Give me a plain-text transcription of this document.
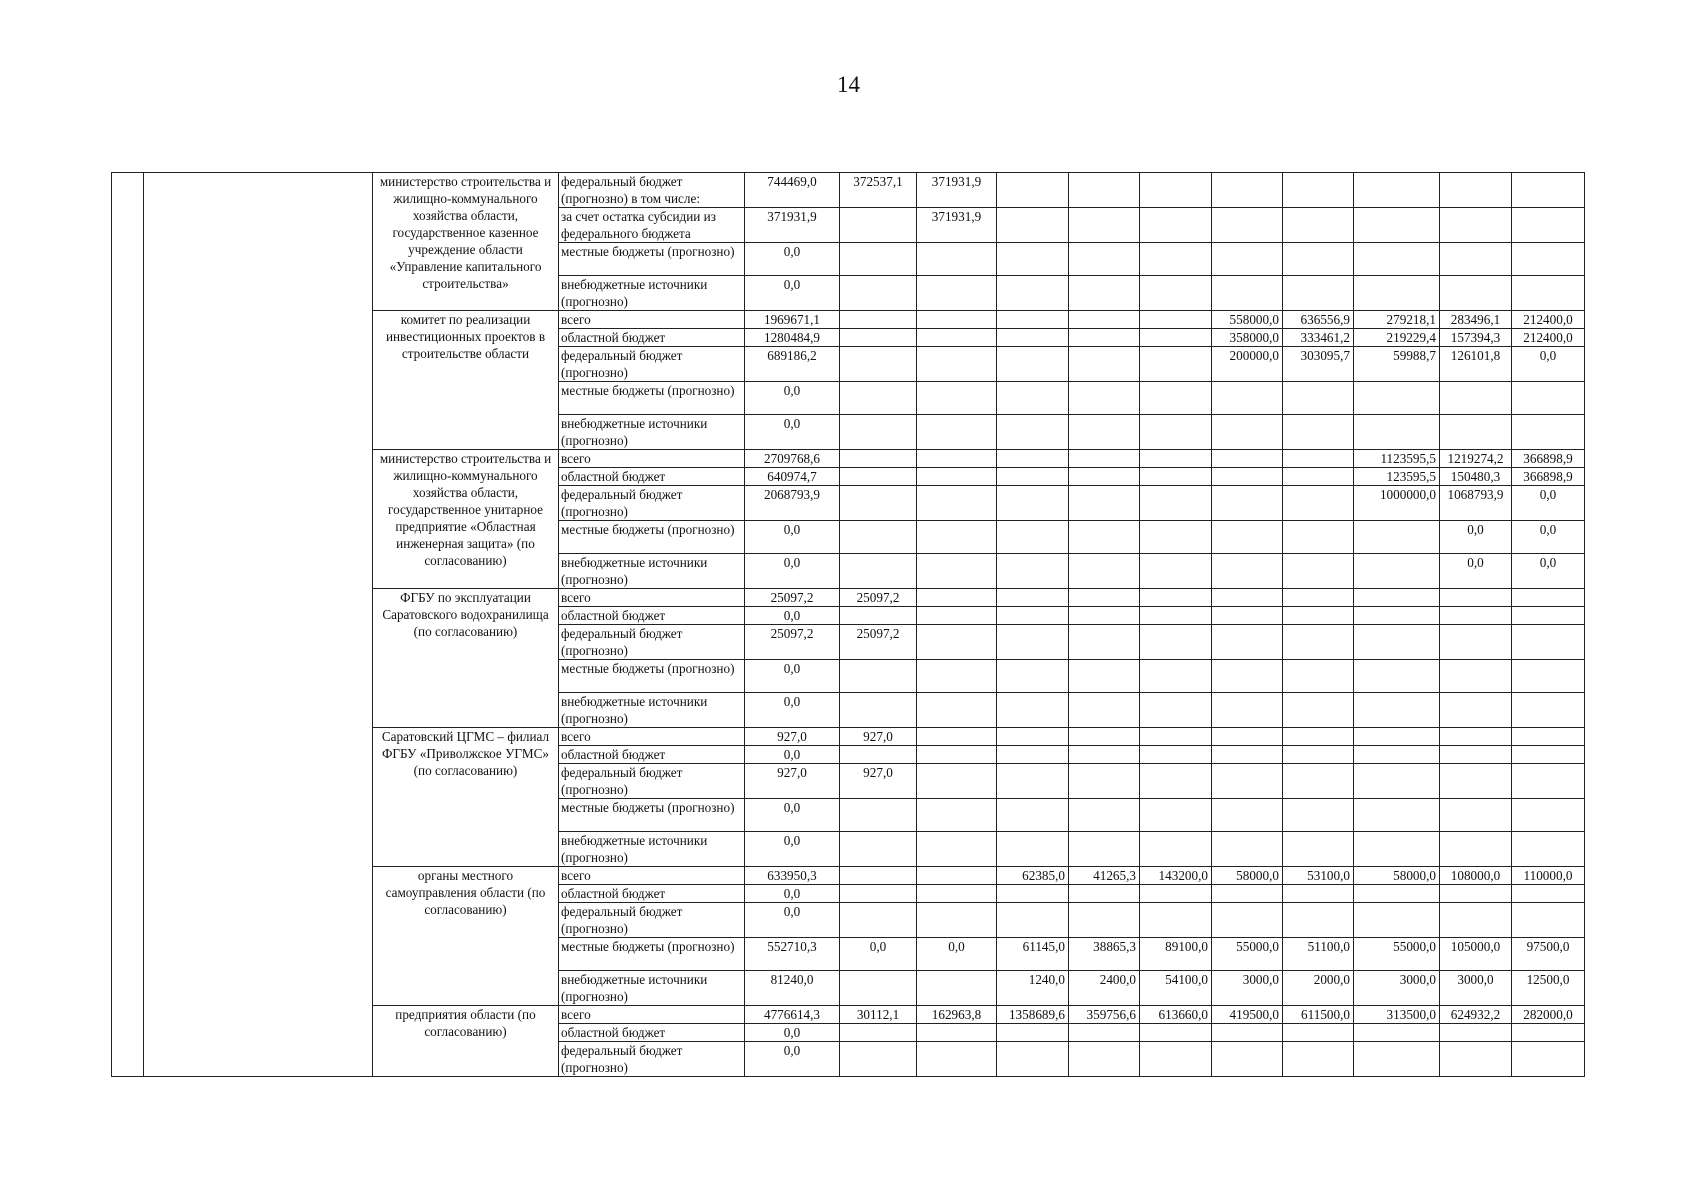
14
		министерство строительства и жилищно-коммунального хозяйства области, государственное казенное учреждение области «Управление капитального строительства»	федеральный бюджет (прогнозно) в том числе:	744469,0	372537,1	371931,9								
			за счет остатка субсидии из федерального бюджета	371931,9		371931,9								
			местные бюджеты (прогнозно)	0,0										
			внебюджетные источники (прогнозно)	0,0										
		комитет по реализации инвестиционных проектов в строительстве области	всего	1969671,1						558000,0	636556,9	279218,1	283496,1	212400,0
			областной бюджет	1280484,9						358000,0	333461,2	219229,4	157394,3	212400,0
			федеральный бюджет (прогнозно)	689186,2						200000,0	303095,7	59988,7	126101,8	0,0
			местные бюджеты (прогнозно)	0,0										
			внебюджетные источники (прогнозно)	0,0										
		министерство строительства и жилищно-коммунального хозяйства области, государственное унитарное предприятие «Областная инженерная защита» (по согласованию)	всего	2709768,6								1123595,5	1219274,2	366898,9
			областной бюджет	640974,7								123595,5	150480,3	366898,9
			федеральный бюджет (прогнозно)	2068793,9								1000000,0	1068793,9	0,0
			местные бюджеты (прогнозно)	0,0									0,0	0,0
			внебюджетные источники (прогнозно)	0,0									0,0	0,0
		ФГБУ по эксплуатации Саратовского водохранилища (по согласованию)	всего	25097,2	25097,2									
			областной бюджет	0,0										
			федеральный бюджет (прогнозно)	25097,2	25097,2									
			местные бюджеты (прогнозно)	0,0										
			внебюджетные источники (прогнозно)	0,0										
		Саратовский ЦГМС – филиал ФГБУ «Приволжское УГМС» (по согласованию)	всего	927,0	927,0									
			областной бюджет	0,0										
			федеральный бюджет (прогнозно)	927,0	927,0									
			местные бюджеты (прогнозно)	0,0										
			внебюджетные источники (прогнозно)	0,0										
		органы местного самоуправления области (по согласованию)	всего	633950,3			62385,0	41265,3	143200,0	58000,0	53100,0	58000,0	108000,0	110000,0
			областной бюджет	0,0										
			федеральный бюджет (прогнозно)	0,0										
			местные бюджеты (прогнозно)	552710,3	0,0	0,0	61145,0	38865,3	89100,0	55000,0	51100,0	55000,0	105000,0	97500,0
			внебюджетные источники (прогнозно)	81240,0			1240,0	2400,0	54100,0	3000,0	2000,0	3000,0	3000,0	12500,0
		предприятия области (по согласованию)	всего	4776614,3	30112,1	162963,8	1358689,6	359756,6	613660,0	419500,0	611500,0	313500,0	624932,2	282000,0
			областной бюджет	0,0										
			федеральный бюджет (прогнозно)	0,0										
